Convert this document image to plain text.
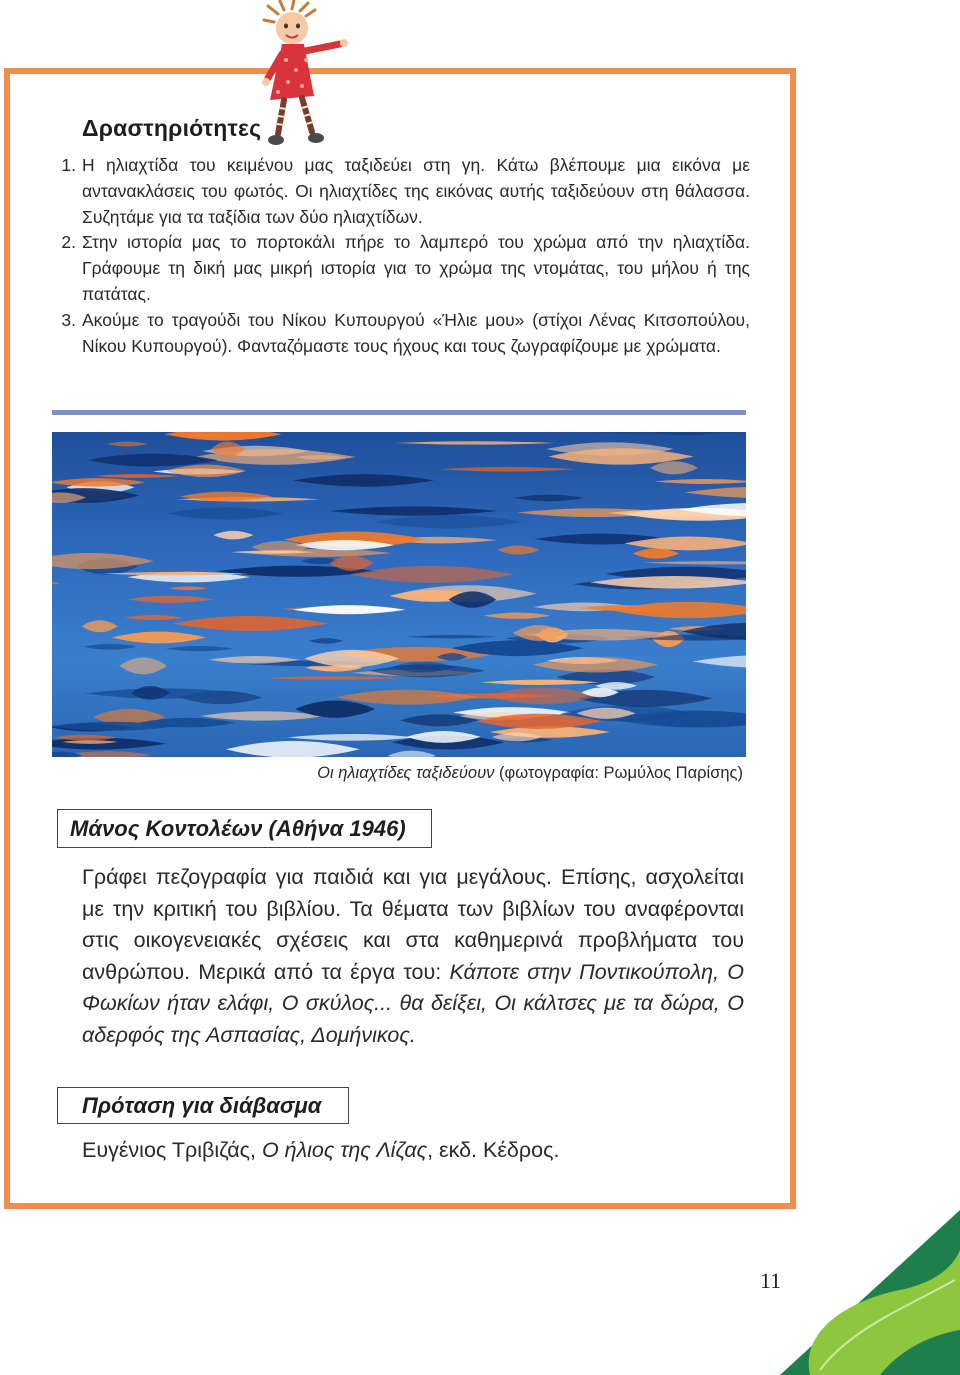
Δραστηριότητες
1. Η ηλιαχτίδα του κειμένου μας ταξιδεύει στη γη. Κάτω βλέπουμε μια εικόνα με αντανακλάσεις του φωτός. Οι ηλιαχτίδες της εικόνας αυτής ταξιδεύουν στη θάλασσα. Συζητάμε για τα ταξίδια των δύο ηλιαχτίδων.
2. Στην ιστορία μας το πορτοκάλι πήρε το λαμπερό του χρώμα από την ηλιαχτίδα. Γράφουμε τη δική μας μικρή ιστορία για το χρώμα της ντομάτας, του μήλου ή της πατάτας.
3. Ακούμε το τραγούδι του Νίκου Κυπουργού «Ήλιε μου» (στίχοι Λένας Κιτσοπούλου, Νίκου Κυπουργού). Φανταζόμαστε τους ήχους και τους ζωγραφίζουμε με χρώματα.
Οι ηλιαχτίδες ταξιδεύουν (φωτογραφία: Ρωμύλος Παρίσης)
Μάνος Κοντολέων (Αθήνα 1946)
Γράφει πεζογραφία για παιδιά και για μεγάλους. Επίσης, ασχολείται με την κριτική του βιβλίου. Τα θέματα των βιβλίων του αναφέρονται στις οικογενειακές σχέσεις και στα καθημερινά προβλήματα του ανθρώπου. Μερικά από τα έργα του: Κάποτε στην Ποντικούπολη, Ο Φωκίων ήταν ελάφι, Ο σκύλος... θα δείξει, Οι κάλτσες με τα δώρα, Ο αδερφός της Ασπασίας, Δομήνικος.
Πρόταση για διάβασμα
Ευγένιος Τριβιζάς, Ο ήλιος της Λίζας, εκδ. Κέδρος.
11
